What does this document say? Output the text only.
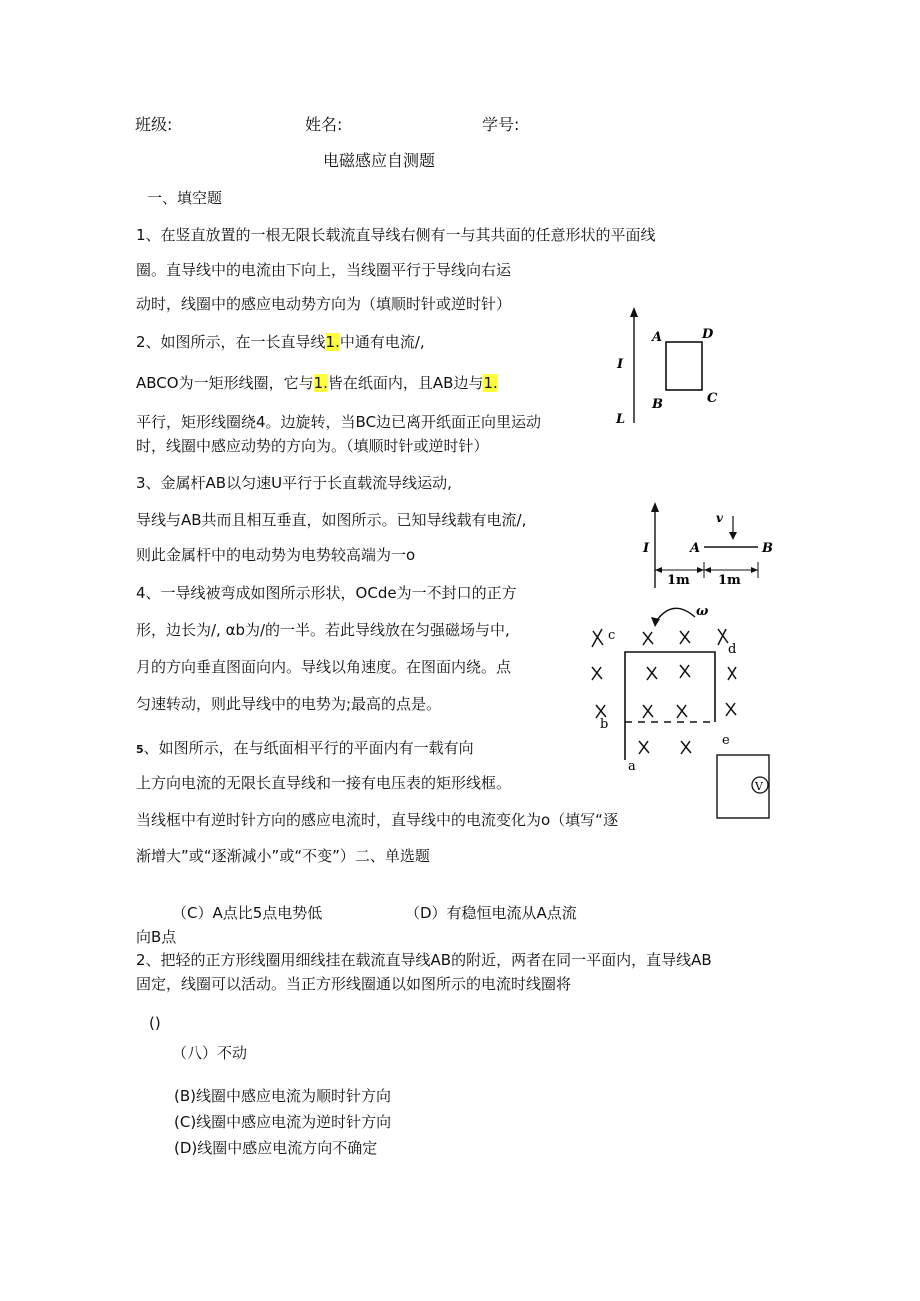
班级:	姓名:	学号:
电磁感应自测题
一、填空题
1、在竖直放置的一根无限长载流直导线右侧有一与其共面的任意形状的平面线
圈。直导线中的电流由下向上，当线圈平行于导线向右运
动时，线圈中的感应电动势方向为（填顺时针或逆时针）
2、如图所示，在一长直导线1.中通有电流/,
ABCO为一矩形线圈，它与1.皆在纸面内，且AB边与1.
平行，矩形线圈绕4。边旋转，当BC边已离开纸面正向里运动
时，线圈中感应动势的方向为。（填顺时针或逆时针）
3、金属杆AB以匀速U平行于长直载流导线运动,
导线与AB共而且相互垂直，如图所示。已知导线载有电流/,
则此金属杆中的电动势为电势较高端为一o
4、一导线被弯成如图所示形状，OCde为一不封口的正方
形，边长为/, αb为/的一半。若此导线放在匀强磁场与中,
月的方向垂直图面向内。导线以角速度。在图面内绕。点
匀速转动，则此导线中的电势为;最高的点是。
5、如图所示，在与纸面相平行的平面内有一载有向
上方向电流的无限长直导线和一接有电压表的矩形线框。
当线框中有逆时针方向的感应电流时，直导线中的电流变化为o（填写“逐
渐增大”或“逐渐减小”或“不变”）二、单选题
（C）A点比5点电势低	（D）有稳恒电流从A点流
向B点
2、把轻的正方形线圈用细线挂在载流直导线AB的附近，两者在同一平面内，直导线AB
固定，线圈可以活动。当正方形线圈通以如图所示的电流时线圈将
()
（八）不动
(B)线圈中感应电流为顺时针方向
(C)线圈中感应电流为逆时针方向
(D)线圈中感应电流方向不确定
A	D
B	C
I
L
I	A	B
v
1m 1m
ω
c
d
b
a
e
V
